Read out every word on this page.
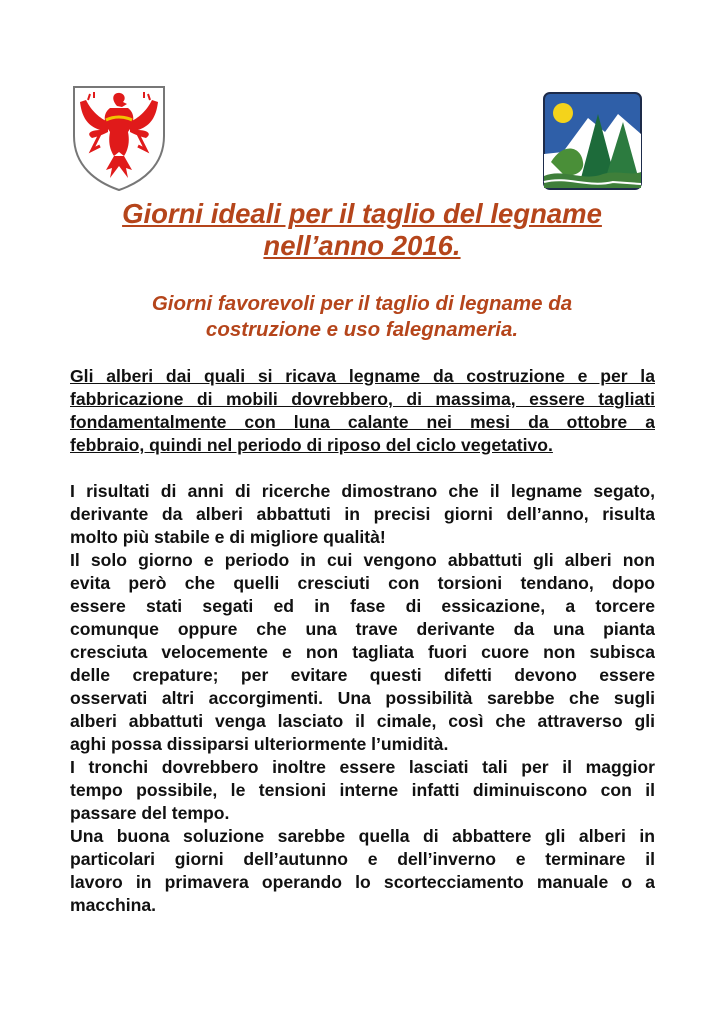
Giorni ideali per il taglio del legname
nell’anno 2016.
Giorni favorevoli per il taglio di legname da
costruzione e uso falegnameria.
Gli alberi dai quali si ricava legname da costruzione e per la
fabbricazione di mobili dovrebbero, di massima, essere tagliati
fondamentalmente con luna calante nei mesi da ottobre a
febbraio, quindi nel periodo di riposo del ciclo vegetativo.
I risultati di anni di ricerche dimostrano che il legname segato,
derivante da alberi abbattuti in precisi giorni dell’anno, risulta
molto più stabile e di migliore qualità!
Il solo giorno e periodo in cui vengono abbattuti gli alberi non
evita però che quelli cresciuti con torsioni tendano, dopo
essere stati segati ed in fase di essicazione, a torcere
comunque oppure che una trave derivante da una pianta
cresciuta velocemente e non tagliata fuori cuore non subisca
delle crepature; per evitare questi difetti devono essere
osservati altri accorgimenti. Una possibilità sarebbe che sugli
alberi abbattuti venga lasciato il cimale, così che attraverso gli
aghi possa dissiparsi ulteriormente l’umidità.
I tronchi dovrebbero inoltre essere lasciati tali per il maggior
tempo possibile, le tensioni interne infatti diminuiscono con il
passare del tempo.
Una buona soluzione sarebbe quella di abbattere gli alberi in
particolari giorni dell’autunno e dell’inverno e terminare il
lavoro in primavera operando lo scortecciamento manuale o a
macchina.
